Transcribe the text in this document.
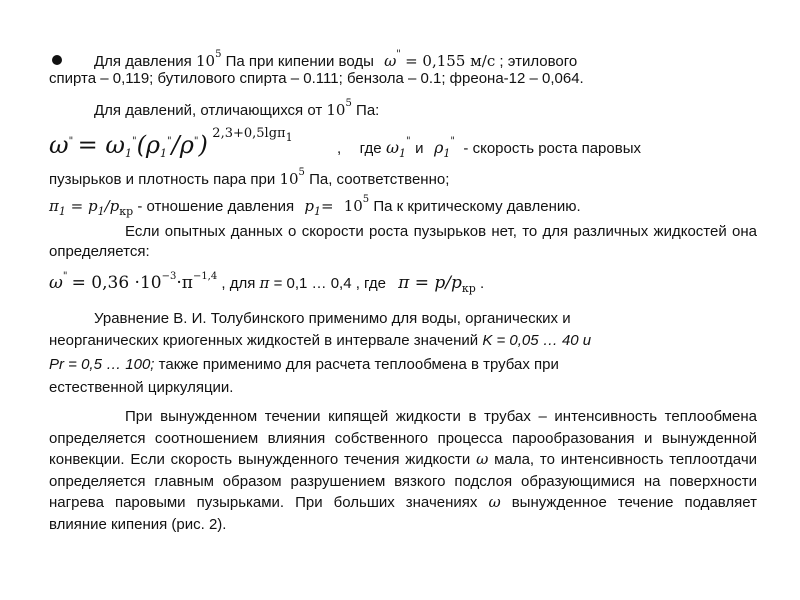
Для давления $10^5$ Па при кипении воды ω" = 0,155 м/с ; этилового
спирта – 0,119; бутилового спирта – 0.111; бензола – 0.1; фреона-12 – 0,064.
Для давлений, отличающихся от $10^5$ Па:
$\omega^" = \omega_1^"(\rho_1^"/\rho^")$ $^{2,3+0,5lg\pi_1}$ , где $\omega_1^"$ и $\rho_1^"$ - скорость роста паровых
пузырьков и плотность пара при $10^5$ Па, соответственно;
$\pi_1 = p_1/p_{кр}$ - отношение давления $p_1= 10^5$ Па к критическому давлению.
Если опытных данных о скорости роста пузырьков нет, то для различных жидкостей она определяется:
$\omega^" = 0,36 \cdot 10^{-3}\cdot\pi^{-1,4}$ , для π = 0,1 … 0,4 , где $\pi = p/p_{кр}$ .
Уравнение В. И. Толубинского применимо для воды, органических и
неорганических криогенных жидкостей в интервале значений K = 0,05 … 40 и
Pr = 0,5 … 100; также применимо для расчета теплообмена в трубах при
естественной циркуляции.
При вынужденном течении кипящей жидкости в трубах – интенсивность теплообмена определяется соотношением влияния собственного процесса парообразования и вынужденной конвекции. Если скорость вынужденного течения жидкости ω мала, то интенсивность теплоотдачи определяется главным образом разрушением вязкого подслоя образующимися на поверхности нагрева паровыми пузырьками. При больших значениях ω вынужденное течение подавляет влияние кипения (рис. 2).
